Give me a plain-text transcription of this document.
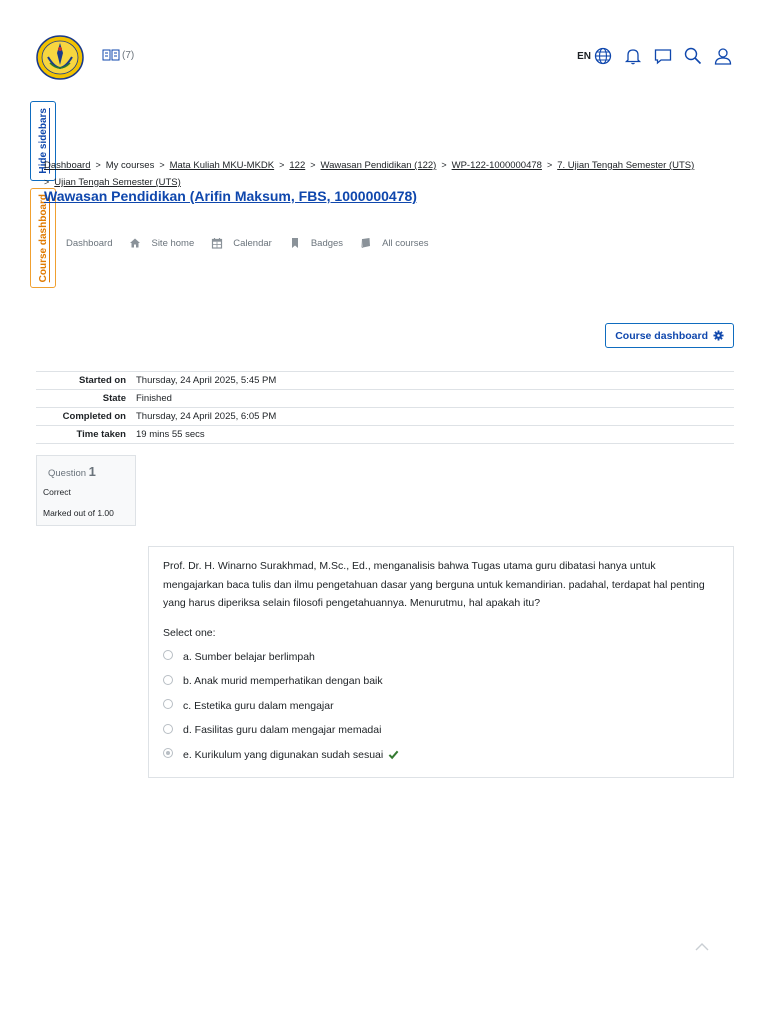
(7)	EN
Hide sidebars
Course dashboard
Dashboard > My courses > Mata Kuliah MKU-MKDK > 122 > Wawasan Pendidikan (122) > WP-122-1000000478 > 7. Ujian Tengah Semester (UTS)
> Ujian Tengah Semester (UTS)
Wawasan Pendidikan (Arifin Maksum, FBS, 1000000478)
Dashboard	Site home	Calendar	Badges	All courses
Course dashboard
Started on	Thursday, 24 April 2025, 5:45 PM
State	Finished
Completed on	Thursday, 24 April 2025, 6:05 PM
Time taken	19 mins 55 secs
Question 1
Correct
Marked out of 1.00

Prof. Dr. H. Winarno Surakhmad, M.Sc., Ed., menganalisis bahwa Tugas utama guru dibatasi hanya untuk mengajarkan baca tulis dan ilmu pengetahuan dasar yang berguna untuk kemandirian. padahal, terdapat hal penting yang harus diperiksa selain filosofi pengetahuannya. Menurutmu, hal apakah itu?

Select one:
a. Sumber belajar berlimpah
b. Anak murid memperhatikan dengan baik
c. Estetika guru dalam mengajar
d. Fasilitas guru dalam mengajar memadai
e. Kurikulum yang digunakan sudah sesuai
